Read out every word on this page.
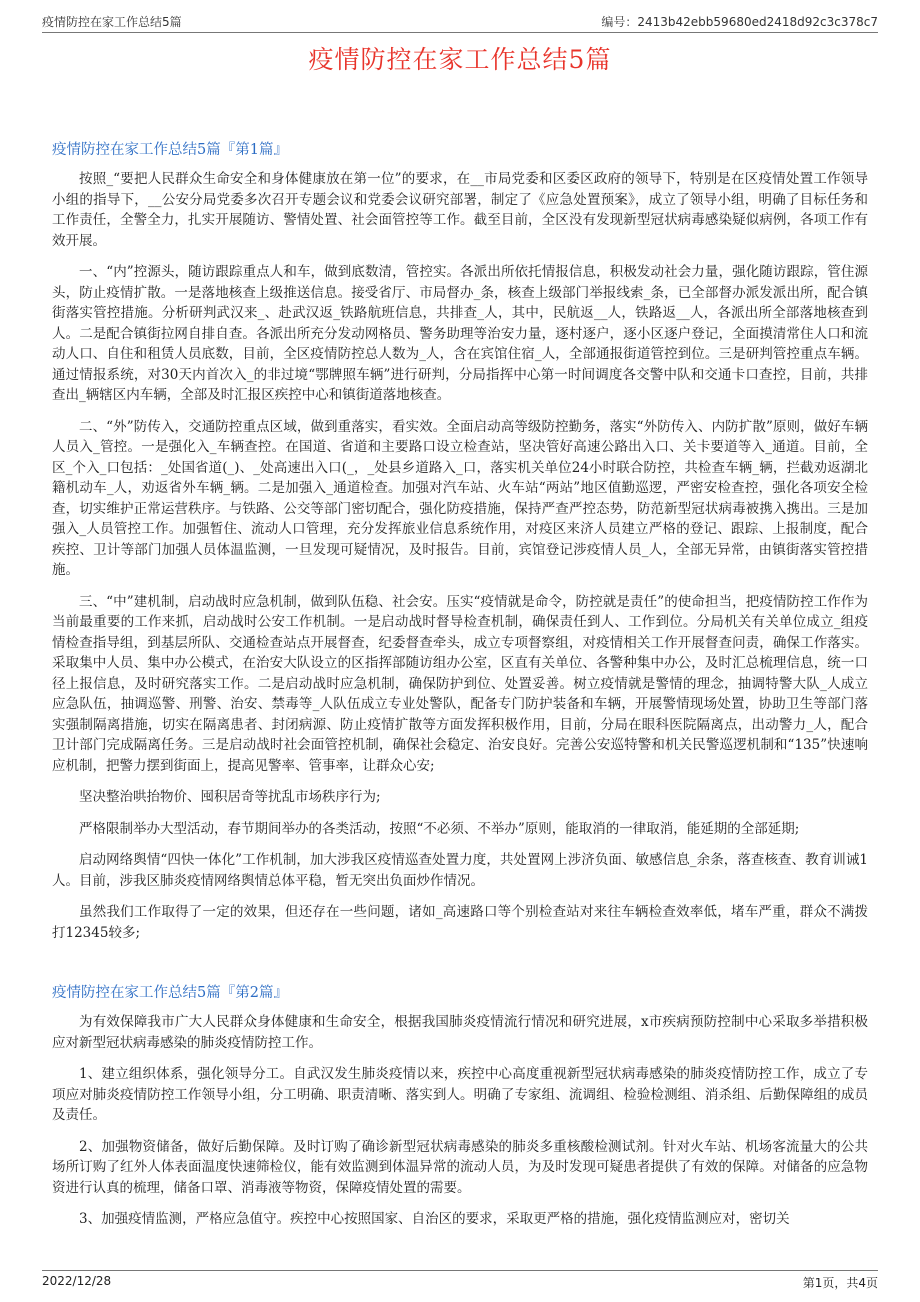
疫情防控在家工作总结5篇	编号：2413b42ebb59680ed2418d92c3c378c7
疫情防控在家工作总结5篇
疫情防控在家工作总结5篇『第1篇』

按照_“要把人民群众生命安全和身体健康放在第一位”的要求，在__市局党委和区委区政府的领导下，特别是在区疫情处置工作领导小组的指导下，__公安分局党委多次召开专题会议和党委会议研究部署，制定了《应急处置预案》，成立了领导小组，明确了目标任务和工作责任，全警全力，扎实开展随访、警情处置、社会面管控等工作。截至目前，全区没有发现新型冠状病毒感染疑似病例，各项工作有效开展。

一、“内”控源头，随访跟踪重点人和车，做到底数清，管控实。各派出所依托情报信息，积极发动社会力量，强化随访跟踪，管住源头，防止疫情扩散。一是落地核查上级推送信息。接受省厅、市局督办_条，核查上级部门举报线索_条，已全部督办派发派出所，配合镇街落实管控措施。分析研判武汉来_、赴武汉返_铁路航班信息，共排查_人，其中，民航返__人，铁路返__人，各派出所全部落地核查到人。二是配合镇街拉网自排自查。各派出所充分发动网格员、警务助理等治安力量，逐村逐户，逐小区逐户登记，全面摸清常住人口和流动人口、自住和租赁人员底数，目前，全区疫情防控总人数为_人，含在宾馆住宿_人，全部通报街道管控到位。三是研判管控重点车辆。通过情报系统，对30天内首次入_的非过境“鄂牌照车辆”进行研判，分局指挥中心第一时间调度各交警中队和交通卡口查控，目前，共排查出_辆辖区内车辆，全部及时汇报区疾控中心和镇街道落地核查。

二、“外”防传入，交通防控重点区域，做到重落实，看实效。全面启动高等级防控勤务，落实“外防传入、内防扩散”原则，做好车辆人员入_管控。一是强化入_车辆查控。在国道、省道和主要路口设立检查站，坚决管好高速公路出入口、关卡要道等入_通道。目前，全区_个入_口包括：_处国省道(_)、_处高速出入口(_，_处县乡道路入_口，落实机关单位24小时联合防控，共检查车辆_辆，拦截劝返湖北籍机动车_人，劝返省外车辆_辆。二是加强入_通道检查。加强对汽车站、火车站“两站”地区值勤巡逻，严密安检查控，强化各项安全检查，切实维护正常运营秩序。与铁路、公交等部门密切配合，强化防疫措施，保持严查严控态势，防范新型冠状病毒被携入携出。三是加强入_人员管控工作。加强暂住、流动人口管理，充分发挥旅业信息系统作用，对疫区来济人员建立严格的登记、跟踪、上报制度，配合疾控、卫计等部门加强人员体温监测，一旦发现可疑情况，及时报告。目前，宾馆登记涉疫情人员_人，全部无异常，由镇街落实管控措施。

三、“中”建机制，启动战时应急机制，做到队伍稳、社会安。压实“疫情就是命令，防控就是责任”的使命担当，把疫情防控工作作为当前最重要的工作来抓，启动战时公安工作机制。一是启动战时督导检查机制，确保责任到人、工作到位。分局机关有关单位成立_组疫情检查指导组，到基层所队、交通检查站点开展督查，纪委督查牵头，成立专项督察组，对疫情相关工作开展督查问责，确保工作落实。采取集中人员、集中办公模式，在治安大队设立的区指挥部随访组办公室，区直有关单位、各警种集中办公，及时汇总梳理信息，统一口径上报信息，及时研究落实工作。二是启动战时应急机制，确保防护到位、处置妥善。树立疫情就是警情的理念，抽调特警大队_人成立应急队伍，抽调巡警、刑警、治安、禁毒等_人队伍成立专业处警队，配备专门防护装备和车辆，开展警情现场处置，协助卫生等部门落实强制隔离措施，切实在隔离患者、封闭病源、防止疫情扩散等方面发挥积极作用，目前，分局在眼科医院隔离点，出动警力_人，配合卫计部门完成隔离任务。三是启动战时社会面管控机制，确保社会稳定、治安良好。完善公安巡特警和机关民警巡逻机制和“135”快速响应机制，把警力摆到街面上，提高见警率、管事率，让群众心安;

坚决整治哄抬物价、囤积居奇等扰乱市场秩序行为;

严格限制举办大型活动，春节期间举办的各类活动，按照“不必须、不举办”原则，能取消的一律取消，能延期的全部延期;

启动网络舆情“四快一体化”工作机制，加大涉我区疫情巡查处置力度，共处置网上涉济负面、敏感信息_余条，落查核查、教育训诫1人。目前，涉我区肺炎疫情网络舆情总体平稳，暂无突出负面炒作情况。

虽然我们工作取得了一定的效果，但还存在一些问题，诸如_高速路口等个别检查站对来往车辆检查效率低，堵车严重，群众不满拨打12345较多;

疫情防控在家工作总结5篇『第2篇』

为有效保障我市广大人民群众身体健康和生命安全，根据我国肺炎疫情流行情况和研究进展，x市疾病预防控制中心采取多举措积极应对新型冠状病毒感染的肺炎疫情防控工作。

1、建立组织体系，强化领导分工。自武汉发生肺炎疫情以来，疾控中心高度重视新型冠状病毒感染的肺炎疫情防控工作，成立了专项应对肺炎疫情防控工作领导小组，分工明确、职责清晰、落实到人。明确了专家组、流调组、检验检测组、消杀组、后勤保障组的成员及责任。

2、加强物资储备，做好后勤保障。及时订购了确诊新型冠状病毒感染的肺炎多重核酸检测试剂。针对火车站、机场客流量大的公共场所订购了红外人体表面温度快速筛检仪，能有效监测到体温异常的流动人员，为及时发现可疑患者提供了有效的保障。对储备的应急物资进行认真的梳理，储备口罩、消毒液等物资，保障疫情处置的需要。

3、加强疫情监测，严格应急值守。疾控中心按照国家、自治区的要求，采取更严格的措施，强化疫情监测应对，密切关

2022/12/28	第1页，共4页
